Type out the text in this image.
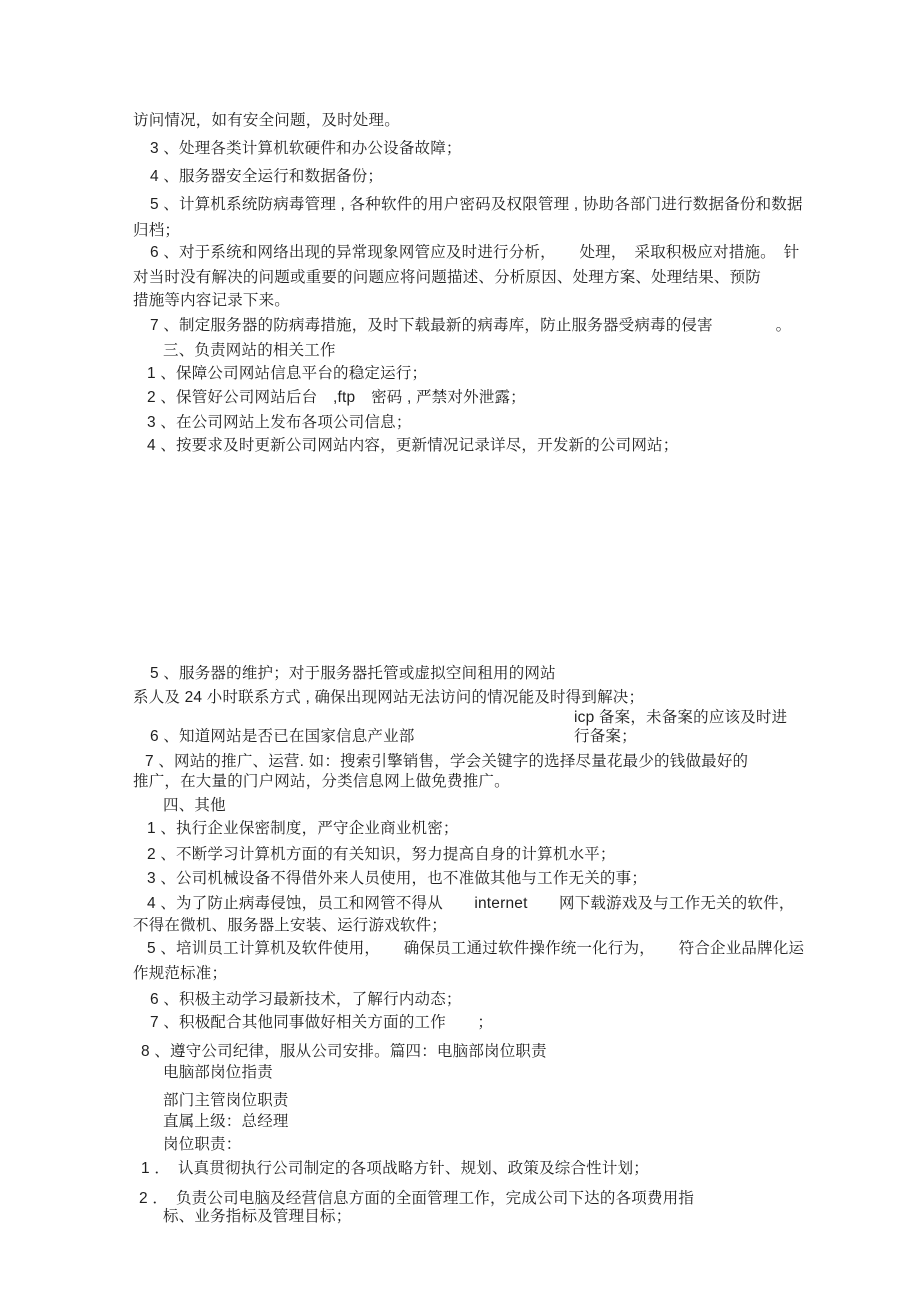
访问情况，如有安全问题，及时处理。
3 、处理各类计算机软硬件和办公设备故障；
4 、服务器安全运行和数据备份；
5 、计算机系统防病毒管理 , 各种软件的用户密码及权限管理 , 协助各部门进行数据备份和数据
归档；
6 、对于系统和网络出现的异常现象网管应及时进行分析，　　处理，　采取积极应对措施。　针
对当时没有解决的问题或重要的问题应将问题描述、分析原因、处理方案、处理结果、预防
措施等内容记录下来。
7 、制定服务器的防病毒措施，及时下载最新的病毒库，防止服务器受病毒的侵害　　　　。
三、负责网站的相关工作
1 、保障公司网站信息平台的稳定运行；
2 、保管好公司网站后台　,ftp　密码 , 严禁对外泄露；
3 、在公司网站上发布各项公司信息；
4 、按要求及时更新公司网站内容，更新情况记录详尽，开发新的公司网站；
5 、服务器的维护；对于服务器托管或虚拟空间租用的网站
系人及 24 小时联系方式 , 确保出现网站无法访问的情况能及时得到解决；
icp 备案，未备案的应该及时进
6 、知道网站是否已在国家信息产业部	行备案；
7 、网站的推广、运营. 如：搜索引擎销售，学会关键字的选择尽量花最少的钱做最好的
推广，在大量的门户网站，分类信息网上做免费推广。
四、其他
1 、执行企业保密制度，严守企业商业机密；
2 、不断学习计算机方面的有关知识，努力提高自身的计算机水平；
3 、公司机械设备不得借外来人员使用，也不准做其他与工作无关的事；
4 、为了防止病毒侵蚀，员工和网管不得从　　internet　　网下载游戏及与工作无关的软件，
不得在微机、服务器上安装、运行游戏软件；
5 、培训员工计算机及软件使用，　　确保员工通过软件操作统一化行为，　　符合企业品牌化运
作规范标准；
6 、积极主动学习最新技术，了解行内动态；
7 、积极配合其他同事做好相关方面的工作　　；
8 、遵守公司纪律，服从公司安排。篇四：电脑部岗位职责
电脑部岗位指责
部门主管岗位职责
直属上级：总经理
岗位职责：
1 ．　认真贯彻执行公司制定的各项战略方针、规划、政策及综合性计划；
2 ．　负责公司电脑及经营信息方面的全面管理工作，完成公司下达的各项费用指
标、业务指标及管理目标；
